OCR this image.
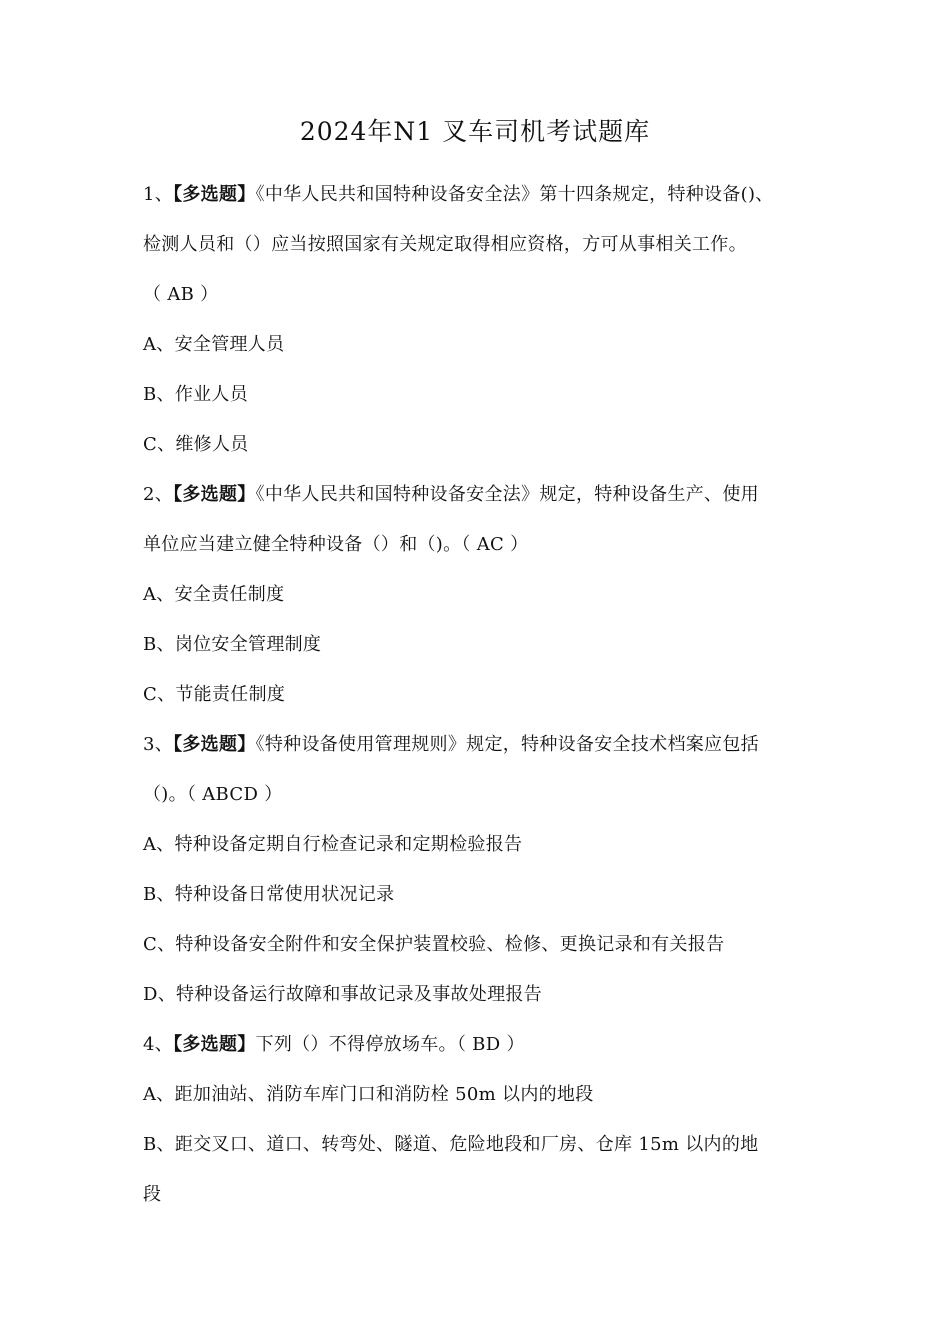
2024年N1 叉车司机考试题库
1、【多选题】《中华人民共和国特种设备安全法》第十四条规定，特种设备()、
检测人员和（）应当按照国家有关规定取得相应资格，方可从事相关工作。
（ AB ）
A、安全管理人员
B、作业人员
C、维修人员
2、【多选题】《中华人民共和国特种设备安全法》规定，特种设备生产、使用
单位应当建立健全特种设备（）和（)。（ AC ）
A、安全责任制度
B、岗位安全管理制度
C、节能责任制度
3、【多选题】《特种设备使用管理规则》规定，特种设备安全技术档案应包括
（)。（ ABCD ）
A、特种设备定期自行检查记录和定期检验报告
B、特种设备日常使用状况记录
C、特种设备安全附件和安全保护装置校验、检修、更换记录和有关报告
D、特种设备运行故障和事故记录及事故处理报告
4、【多选题】下列（）不得停放场车。（ BD ）
A、距加油站、消防车库门口和消防栓 50m 以内的地段
B、距交叉口、道口、转弯处、隧道、危险地段和厂房、仓库 15m 以内的地
段
